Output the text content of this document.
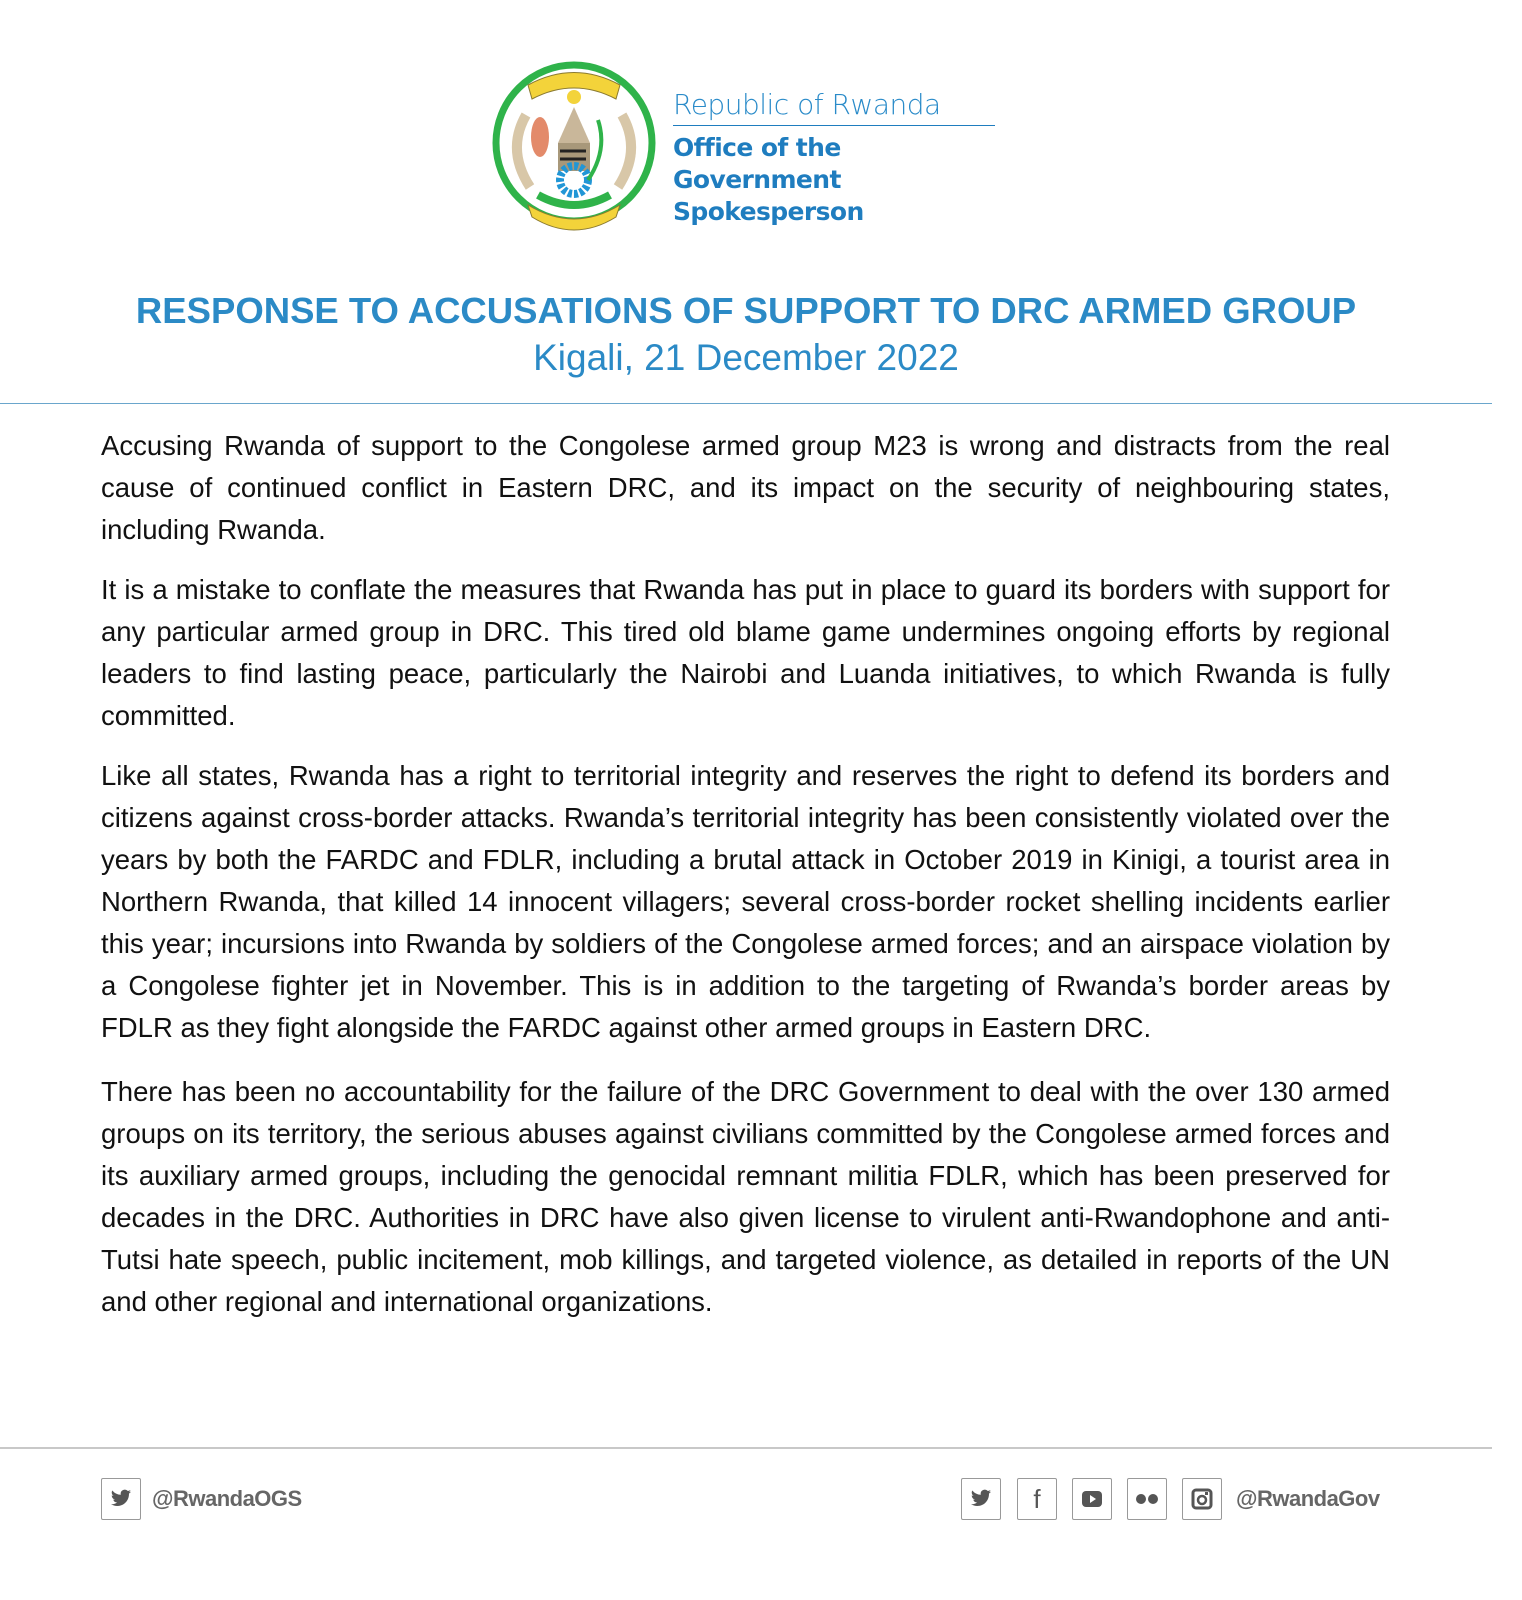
Republic of Rwanda
Office of the Government
Spokesperson
RESPONSE TO ACCUSATIONS OF SUPPORT TO DRC ARMED GROUP
Kigali, 21 December 2022

Accusing Rwanda of support to the Congolese armed group M23 is wrong and distracts from the real cause of continued conflict in Eastern DRC, and its impact on the security of neighbouring states, including Rwanda.

It is a mistake to conflate the measures that Rwanda has put in place to guard its borders with support for any particular armed group in DRC. This tired old blame game undermines ongoing efforts by regional leaders to find lasting peace, particularly the Nairobi and Luanda initiatives, to which Rwanda is fully committed.

Like all states, Rwanda has a right to territorial integrity and reserves the right to defend its borders and citizens against cross-border attacks. Rwanda’s territorial integrity has been consistently violated over the years by both the FARDC and FDLR, including a brutal attack in October 2019 in Kinigi, a tourist area in Northern Rwanda, that killed 14 innocent villagers; several cross-border rocket shelling incidents earlier this year; incursions into Rwanda by soldiers of the Congolese armed forces; and an airspace violation by a Congolese fighter jet in November. This is in addition to the targeting of Rwanda’s border areas by FDLR as they fight alongside the FARDC against other armed groups in Eastern DRC.

There has been no accountability for the failure of the DRC Government to deal with the over 130 armed groups on its territory, the serious abuses against civilians committed by the Congolese armed forces and its auxiliary armed groups, including the genocidal remnant militia FDLR, which has been preserved for decades in the DRC. Authorities in DRC have also given license to virulent anti-Rwandophone and anti-Tutsi hate speech, public incitement, mob killings, and targeted violence, as detailed in reports of the UN and other regional and international organizations.

@RwandaOGS	f	@RwandaGov
